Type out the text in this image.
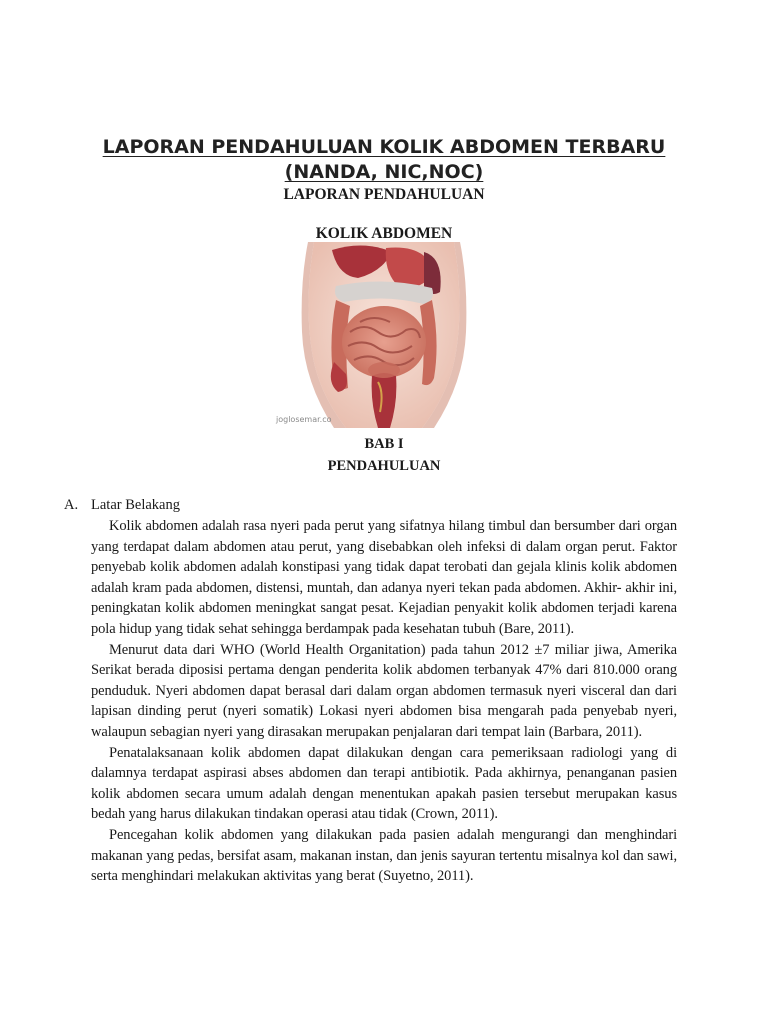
LAPORAN PENDAHULUAN KOLIK ABDOMEN TERBARU
(NANDA, NIC,NOC)
LAPORAN PENDAHULUAN
KOLIK ABDOMEN
joglosemar.co
BAB I
PENDAHULUAN
A. Latar Belakang

Kolik abdomen adalah rasa nyeri pada perut yang sifatnya hilang timbul dan bersumber dari organ yang terdapat dalam abdomen atau perut, yang disebabkan oleh infeksi di dalam organ perut. Faktor penyebab kolik abdomen adalah konstipasi yang tidak dapat terobati dan gejala klinis kolik abdomen adalah kram pada abdomen, distensi, muntah, dan adanya nyeri tekan pada abdomen. Akhir- akhir ini, peningkatan kolik abdomen meningkat sangat pesat. Kejadian penyakit kolik abdomen terjadi karena pola hidup yang tidak sehat sehingga berdampak pada kesehatan tubuh (Bare, 2011).

Menurut data dari WHO (World Health Organitation) pada tahun 2012 ±7 miliar jiwa, Amerika Serikat berada diposisi pertama dengan penderita kolik abdomen terbanyak 47% dari 810.000 orang penduduk. Nyeri abdomen dapat berasal dari dalam organ abdomen termasuk nyeri visceral dan dari lapisan dinding perut (nyeri somatik) Lokasi nyeri abdomen bisa mengarah pada penyebab nyeri, walaupun sebagian nyeri yang dirasakan merupakan penjalaran dari tempat lain (Barbara, 2011).

Penatalaksanaan kolik abdomen dapat dilakukan dengan cara pemeriksaan radiologi yang di dalamnya terdapat aspirasi abses abdomen dan terapi antibiotik. Pada akhirnya, penanganan pasien kolik abdomen secara umum adalah dengan menentukan apakah pasien tersebut merupakan kasus bedah yang harus dilakukan tindakan operasi atau tidak (Crown, 2011).

Pencegahan kolik abdomen yang dilakukan pada pasien adalah mengurangi dan menghindari makanan yang pedas, bersifat asam, makanan instan, dan jenis sayuran tertentu misalnya kol dan sawi, serta menghindari melakukan aktivitas yang berat (Suyetno, 2011).
